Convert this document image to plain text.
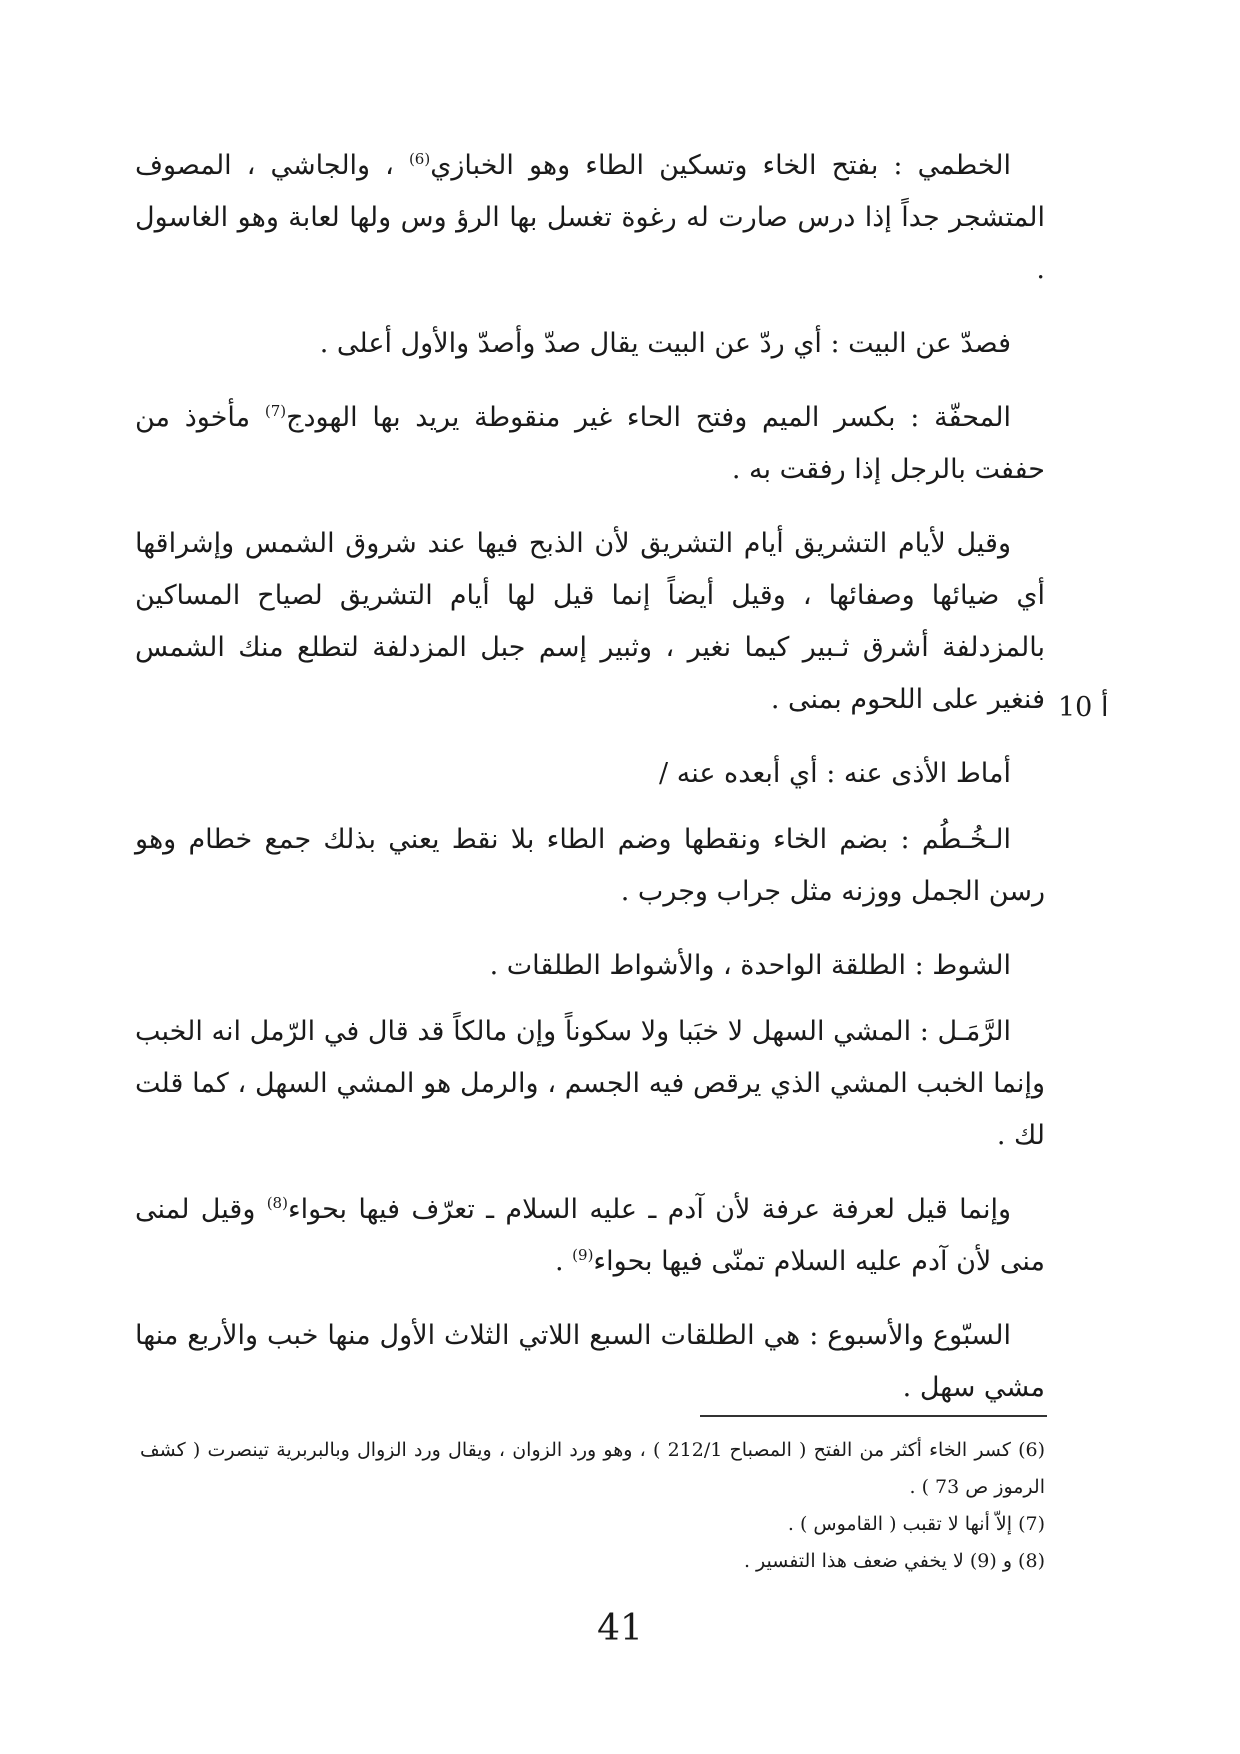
الخطمي : بفتح الخاء وتسكين الطاء وهو الخبازي$^{(6)}$ ، والجاشي ، المصوف المتشجر جداً إذا درس صارت له رغوة تغسل بها الرؤ وس ولها لعابة وهو الغاسول .

فصدّ عن البيت : أي ردّ عن البيت يقال صدّ وأصدّ والأول أعلى .

المحفّة : بكسر الميم وفتح الحاء غير منقوطة يريد بها الهودج$^{(7)}$ مأخوذ من حففت بالرجل إذا رفقت به .

وقيل لأيام التشريق أيام التشريق لأن الذبح فيها عند شروق الشمس وإشراقها أي ضيائها وصفائها ، وقيل أيضاً إنما قيل لها أيام التشريق لصياح المساكين بالمزدلفة أشرق ثـبير كيما نغير ، وثبير إسم جبل المزدلفة لتطلع منك الشمس فنغير على اللحوم بمنى .

أماط الأذى عنه : أي أبعده عنه /

الـخُـطُم : بضم الخاء ونقطها وضم الطاء بلا نقط يعني بذلك جمع خطام وهو رسن الجمل ووزنه مثل جراب وجرب .

الشوط : الطلقة الواحدة ، والأشواط الطلقات .

الرَّمَـل : المشي السهل لا خبَبا ولا سكوناً وإن مالكاً قد قال في الرّمل انه الخبب وإنما الخبب المشي الذي يرقص فيه الجسم ، والرمل هو المشي السهل ، كما قلت لك .

وإنما قيل لعرفة عرفة لأن آدم ـ عليه السلام ـ تعرّف فيها بحواء$^{(8)}$ وقيل لمنى منى لأن آدم عليه السلام تمنّى فيها بحواء$^{(9)}$ .

السبّوع والأسبوع : هي الطلقات السبع اللاتي الثلاث الأول منها خبب والأربع منها مشي سهل .

10 أ

(6) كسر الخاء أكثر من الفتح ( المصباح 212/1 ) ، وهو ورد الزوان ، ويقال ورد الزوال وبالبربرية تينصرت ( كشف الرموز ص 73 ) .

(7) إلاّ أنها لا تقبب ( القاموس ) .

(8) و (9) لا يخفي ضعف هذا التفسير .

41
